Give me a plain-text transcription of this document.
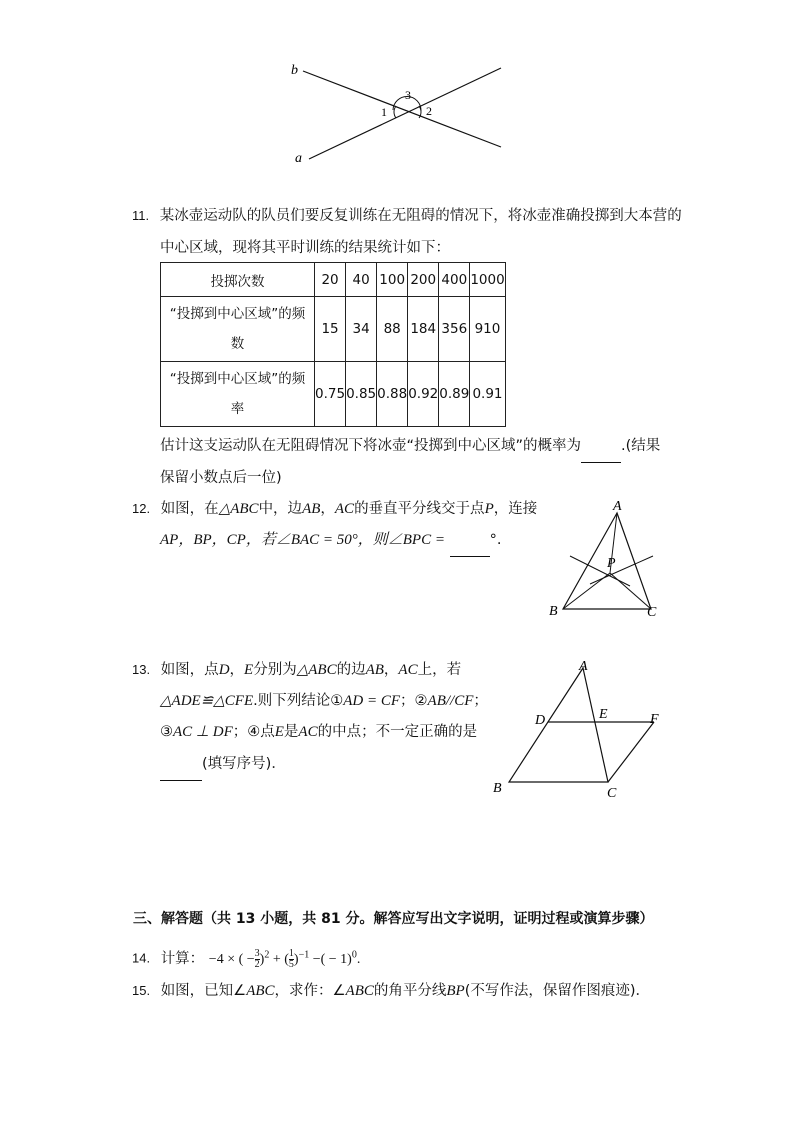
b
a
3
1	2
11. 某冰壶运动队的队员们要反复训练在无阻碍的情况下，将冰壶准确投掷到大本营的
中心区域，现将其平时训练的结果统计如下：
投掷次数	20	40	100	200	400	1000

“投掷到中心区域”的频
数	15	34	88	184	356	910

“投掷到中心区域”的频
率	0.75	0.85	0.88	0.92	0.89	0.91
估计这支运动队在无阻碍情况下将冰壶“投掷到中心区域”的概率为	.(结果
保留小数点后一位)
12. 如图，在△ABC中，边AB，AC的垂直平分线交于点P，连接
AP，BP，CP，若∠BAC = 50°，则∠BPC =	°.
A
B	C
P
13. 如图，点D，E分别为△ABC的边AB，AC上，若
△ADE≌△CFE.则下列结论①AD = CF；②AB//CF；
③AC ⊥ DF；④点E是AC的中点；不一定正确的是
(填写序号)．
A
D	E	F
B	C
三、解答题（共 13 小题，共 81 分。解答应写出文字说明，证明过程或演算步骤）
14. 计算： −4 × ( − $\frac{3}{2} )^2$ + ( $\frac{1}{5} )^{-1}$ −( − 1)$^0$.
15. 如图，已知∠ABC，求作：∠ABC的角平分线BP(不写作法，保留作图痕迹)．
